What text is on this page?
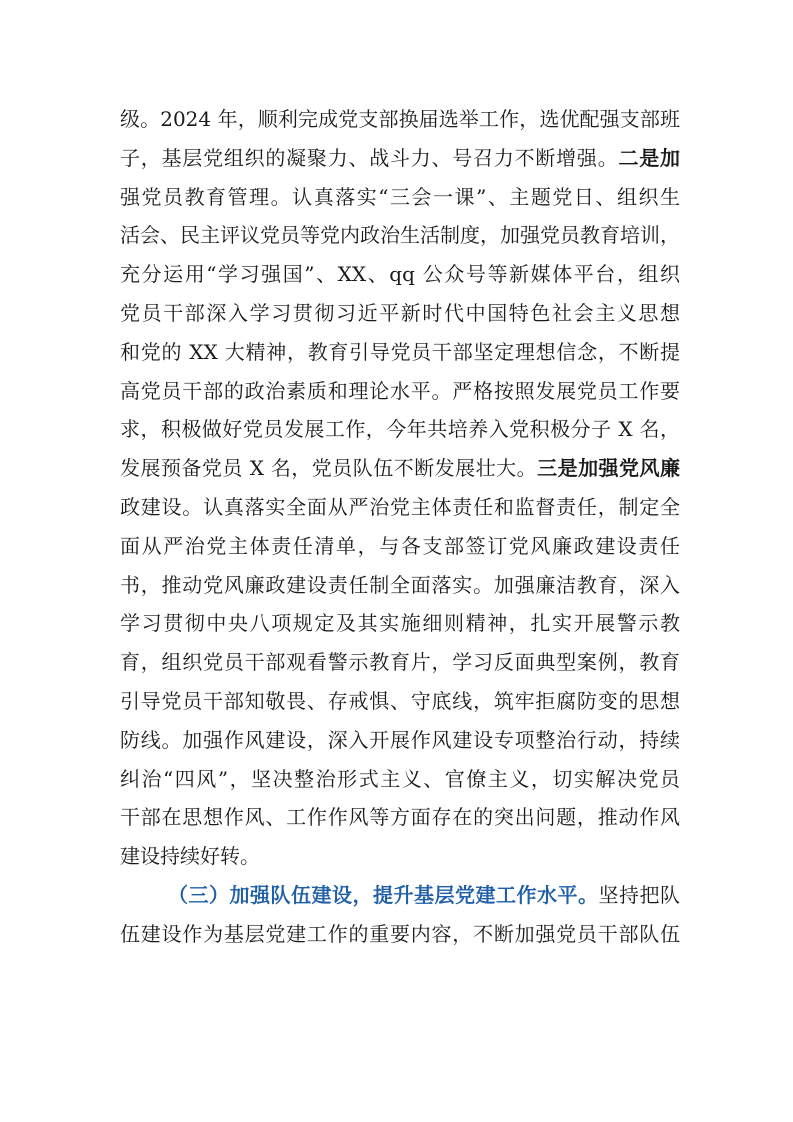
级。2024 年，顺利完成党支部换届选举工作，选优配强支部班
子，基层党组织的凝聚力、战斗力、号召力不断增强。二是加
强党员教育管理。认真落实“三会一课”、主题党日、组织生
活会、民主评议党员等党内政治生活制度，加强党员教育培训，
充分运用“学习强国”、XX、qq 公众号等新媒体平台，组织
党员干部深入学习贯彻习近平新时代中国特色社会主义思想
和党的 XX 大精神，教育引导党员干部坚定理想信念，不断提
高党员干部的政治素质和理论水平。严格按照发展党员工作要
求，积极做好党员发展工作，今年共培养入党积极分子 X 名，
发展预备党员 X 名，党员队伍不断发展壮大。三是加强党风廉
政建设。认真落实全面从严治党主体责任和监督责任，制定全
面从严治党主体责任清单，与各支部签订党风廉政建设责任
书，推动党风廉政建设责任制全面落实。加强廉洁教育，深入
学习贯彻中央八项规定及其实施细则精神，扎实开展警示教
育，组织党员干部观看警示教育片，学习反面典型案例，教育
引导党员干部知敬畏、存戒惧、守底线，筑牢拒腐防变的思想
防线。加强作风建设，深入开展作风建设专项整治行动，持续
纠治“四风”，坚决整治形式主义、官僚主义，切实解决党员
干部在思想作风、工作作风等方面存在的突出问题，推动作风
建设持续好转。
（三）加强队伍建设，提升基层党建工作水平。坚持把队
伍建设作为基层党建工作的重要内容，不断加强党员干部队伍
